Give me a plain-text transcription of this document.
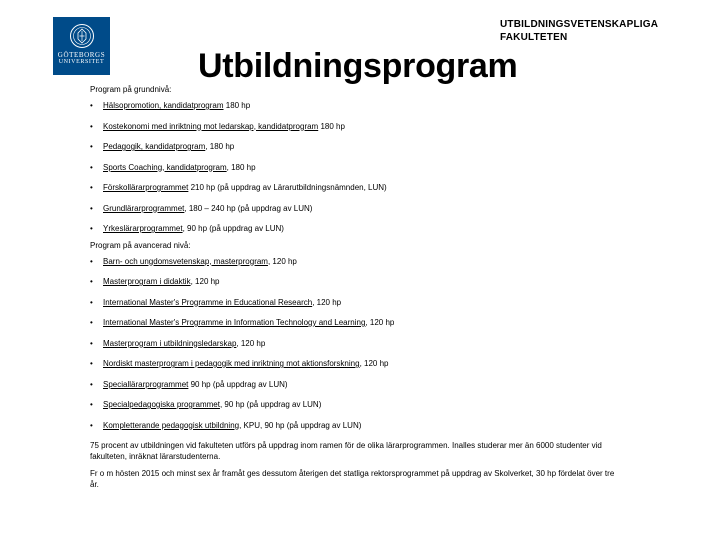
GÖTEBORGS
UNIVERSITET
UTBILDNINGSVETENSKAPLIGA
FAKULTETEN
Utbildningsprogram
Program på grundnivå:
• Hälsopromotion, kandidatprogram 180 hp
• Kostekonomi med inriktning mot ledarskap, kandidatprogram 180 hp
• Pedagogik, kandidatprogram, 180 hp
• Sports Coaching, kandidatprogram, 180 hp
• Förskollärarprogrammet 210 hp (på uppdrag av Lärarutbildningsnämnden, LUN)
• Grundlärarprogrammet, 180 – 240 hp (på uppdrag av LUN)
• Yrkeslärarprogrammet, 90 hp (på uppdrag av LUN)
Program på avancerad nivå:
• Barn- och ungdomsvetenskap, masterprogram, 120 hp
• Masterprogram i didaktik, 120 hp
• International Master's Programme in Educational Research, 120 hp
• International Master's Programme in Information Technology and Learning, 120 hp
• Masterprogram i utbildningsledarskap, 120 hp
• Nordiskt masterprogram i pedagogik med inriktning mot aktionsforskning, 120 hp
• Speciallärarprogrammet 90 hp (på uppdrag av LUN)
• Specialpedagogiska programmet, 90 hp (på uppdrag av LUN)
• Kompletterande pedagogisk utbildning, KPU, 90 hp (på uppdrag av LUN)

75 procent av utbildningen vid fakulteten utförs på uppdrag inom ramen för de olika lärarprogrammen. Inalles studerar mer än 6000 studenter vid fakulteten, inräknat lärarstudenterna.

Fr o m hösten 2015 och minst sex år framåt ges dessutom återigen det statliga rektorsprogrammet på uppdrag av Skolverket, 30 hp fördelat över tre år.
